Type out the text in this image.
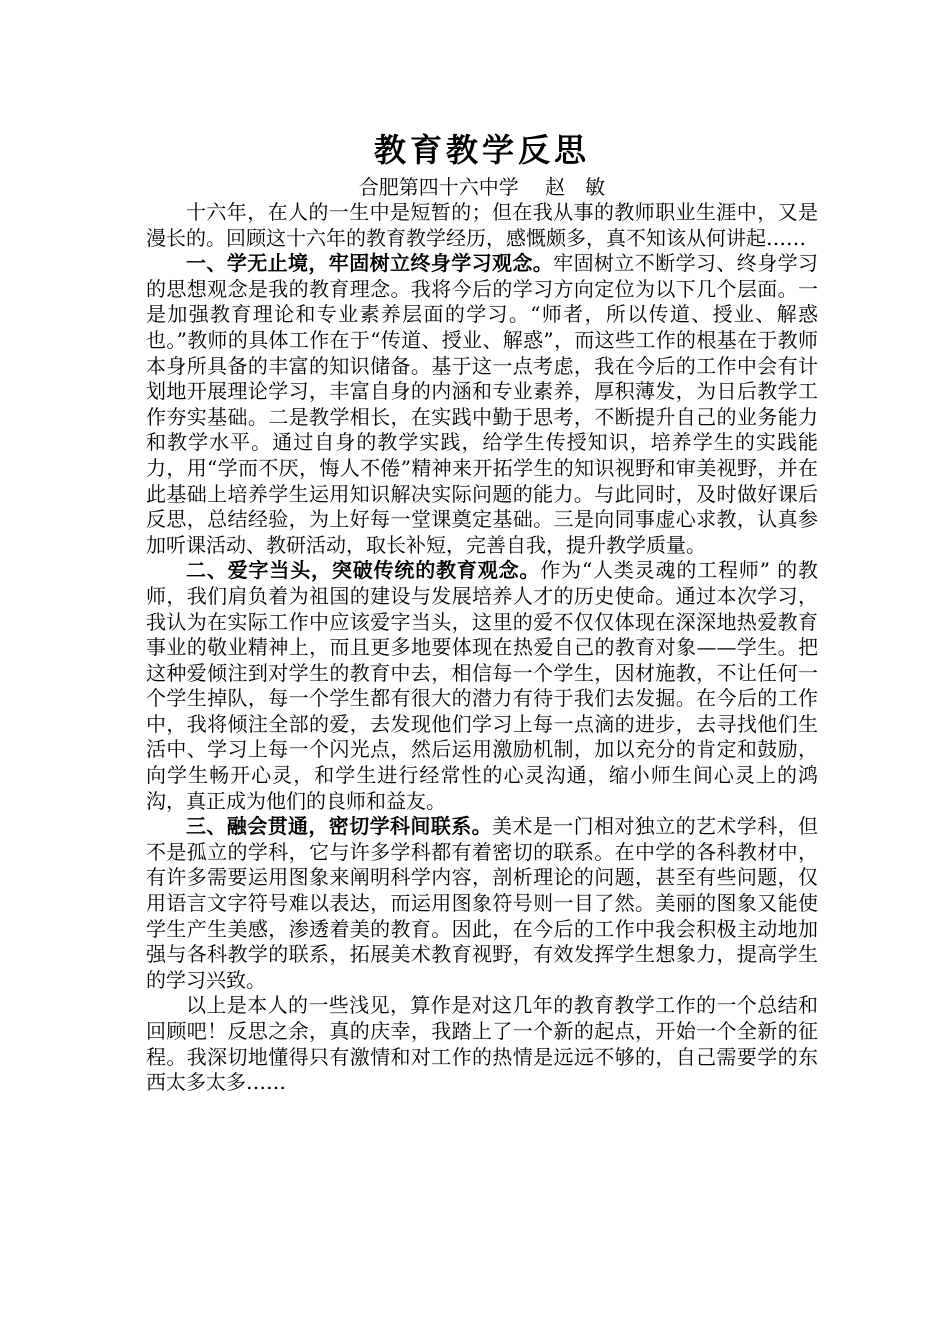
教育教学反思

合肥第四十六中学　 赵　敏

十六年，在人的一生中是短暂的；但在我从事的教师职业生涯中，又是漫长的。回顾这十六年的教育教学经历，感慨颇多，真不知该从何讲起……

一、学无止境，牢固树立终身学习观念。牢固树立不断学习、终身学习的思想观念是我的教育理念。我将今后的学习方向定位为以下几个层面。一是加强教育理论和专业素养层面的学习。“师者，所以传道、授业、解惑也。”教师的具体工作在于“传道、授业、解惑”，而这些工作的根基在于教师本身所具备的丰富的知识储备。基于这一点考虑，我在今后的工作中会有计划地开展理论学习，丰富自身的内涵和专业素养，厚积薄发，为日后教学工作夯实基础。二是教学相长，在实践中勤于思考，不断提升自己的业务能力和教学水平。通过自身的教学实践，给学生传授知识，培养学生的实践能力，用“学而不厌，悔人不倦”精神来开拓学生的知识视野和审美视野，并在此基础上培养学生运用知识解决实际问题的能力。与此同时，及时做好课后反思，总结经验，为上好每一堂课奠定基础。三是向同事虚心求教，认真参加听课活动、教研活动，取长补短，完善自我，提升教学质量。

二、爱字当头，突破传统的教育观念。作为“人类灵魂的工程师” 的教师，我们肩负着为祖国的建设与发展培养人才的历史使命。通过本次学习，我认为在实际工作中应该爱字当头，这里的爱不仅仅体现在深深地热爱教育事业的敬业精神上，而且更多地要体现在热爱自己的教育对象——学生。把这种爱倾注到对学生的教育中去，相信每一个学生，因材施教，不让任何一个学生掉队，每一个学生都有很大的潜力有待于我们去发掘。在今后的工作中，我将倾注全部的爱，去发现他们学习上每一点滴的进步，去寻找他们生活中、学习上每一个闪光点，然后运用激励机制，加以充分的肯定和鼓励，向学生畅开心灵，和学生进行经常性的心灵沟通，缩小师生间心灵上的鸿沟，真正成为他们的良师和益友。

三、融会贯通，密切学科间联系。美术是一门相对独立的艺术学科，但不是孤立的学科，它与许多学科都有着密切的联系。在中学的各科教材中，有许多需要运用图象来阐明科学内容，剖析理论的问题，甚至有些问题，仅用语言文字符号难以表达，而运用图象符号则一目了然。美丽的图象又能使学生产生美感，渗透着美的教育。因此，在今后的工作中我会积极主动地加强与各科教学的联系，拓展美术教育视野，有效发挥学生想象力，提高学生的学习兴致。

以上是本人的一些浅见，算作是对这几年的教育教学工作的一个总结和回顾吧！反思之余，真的庆幸，我踏上了一个新的起点，开始一个全新的征程。我深切地懂得只有激情和对工作的热情是远远不够的，自己需要学的东西太多太多……
